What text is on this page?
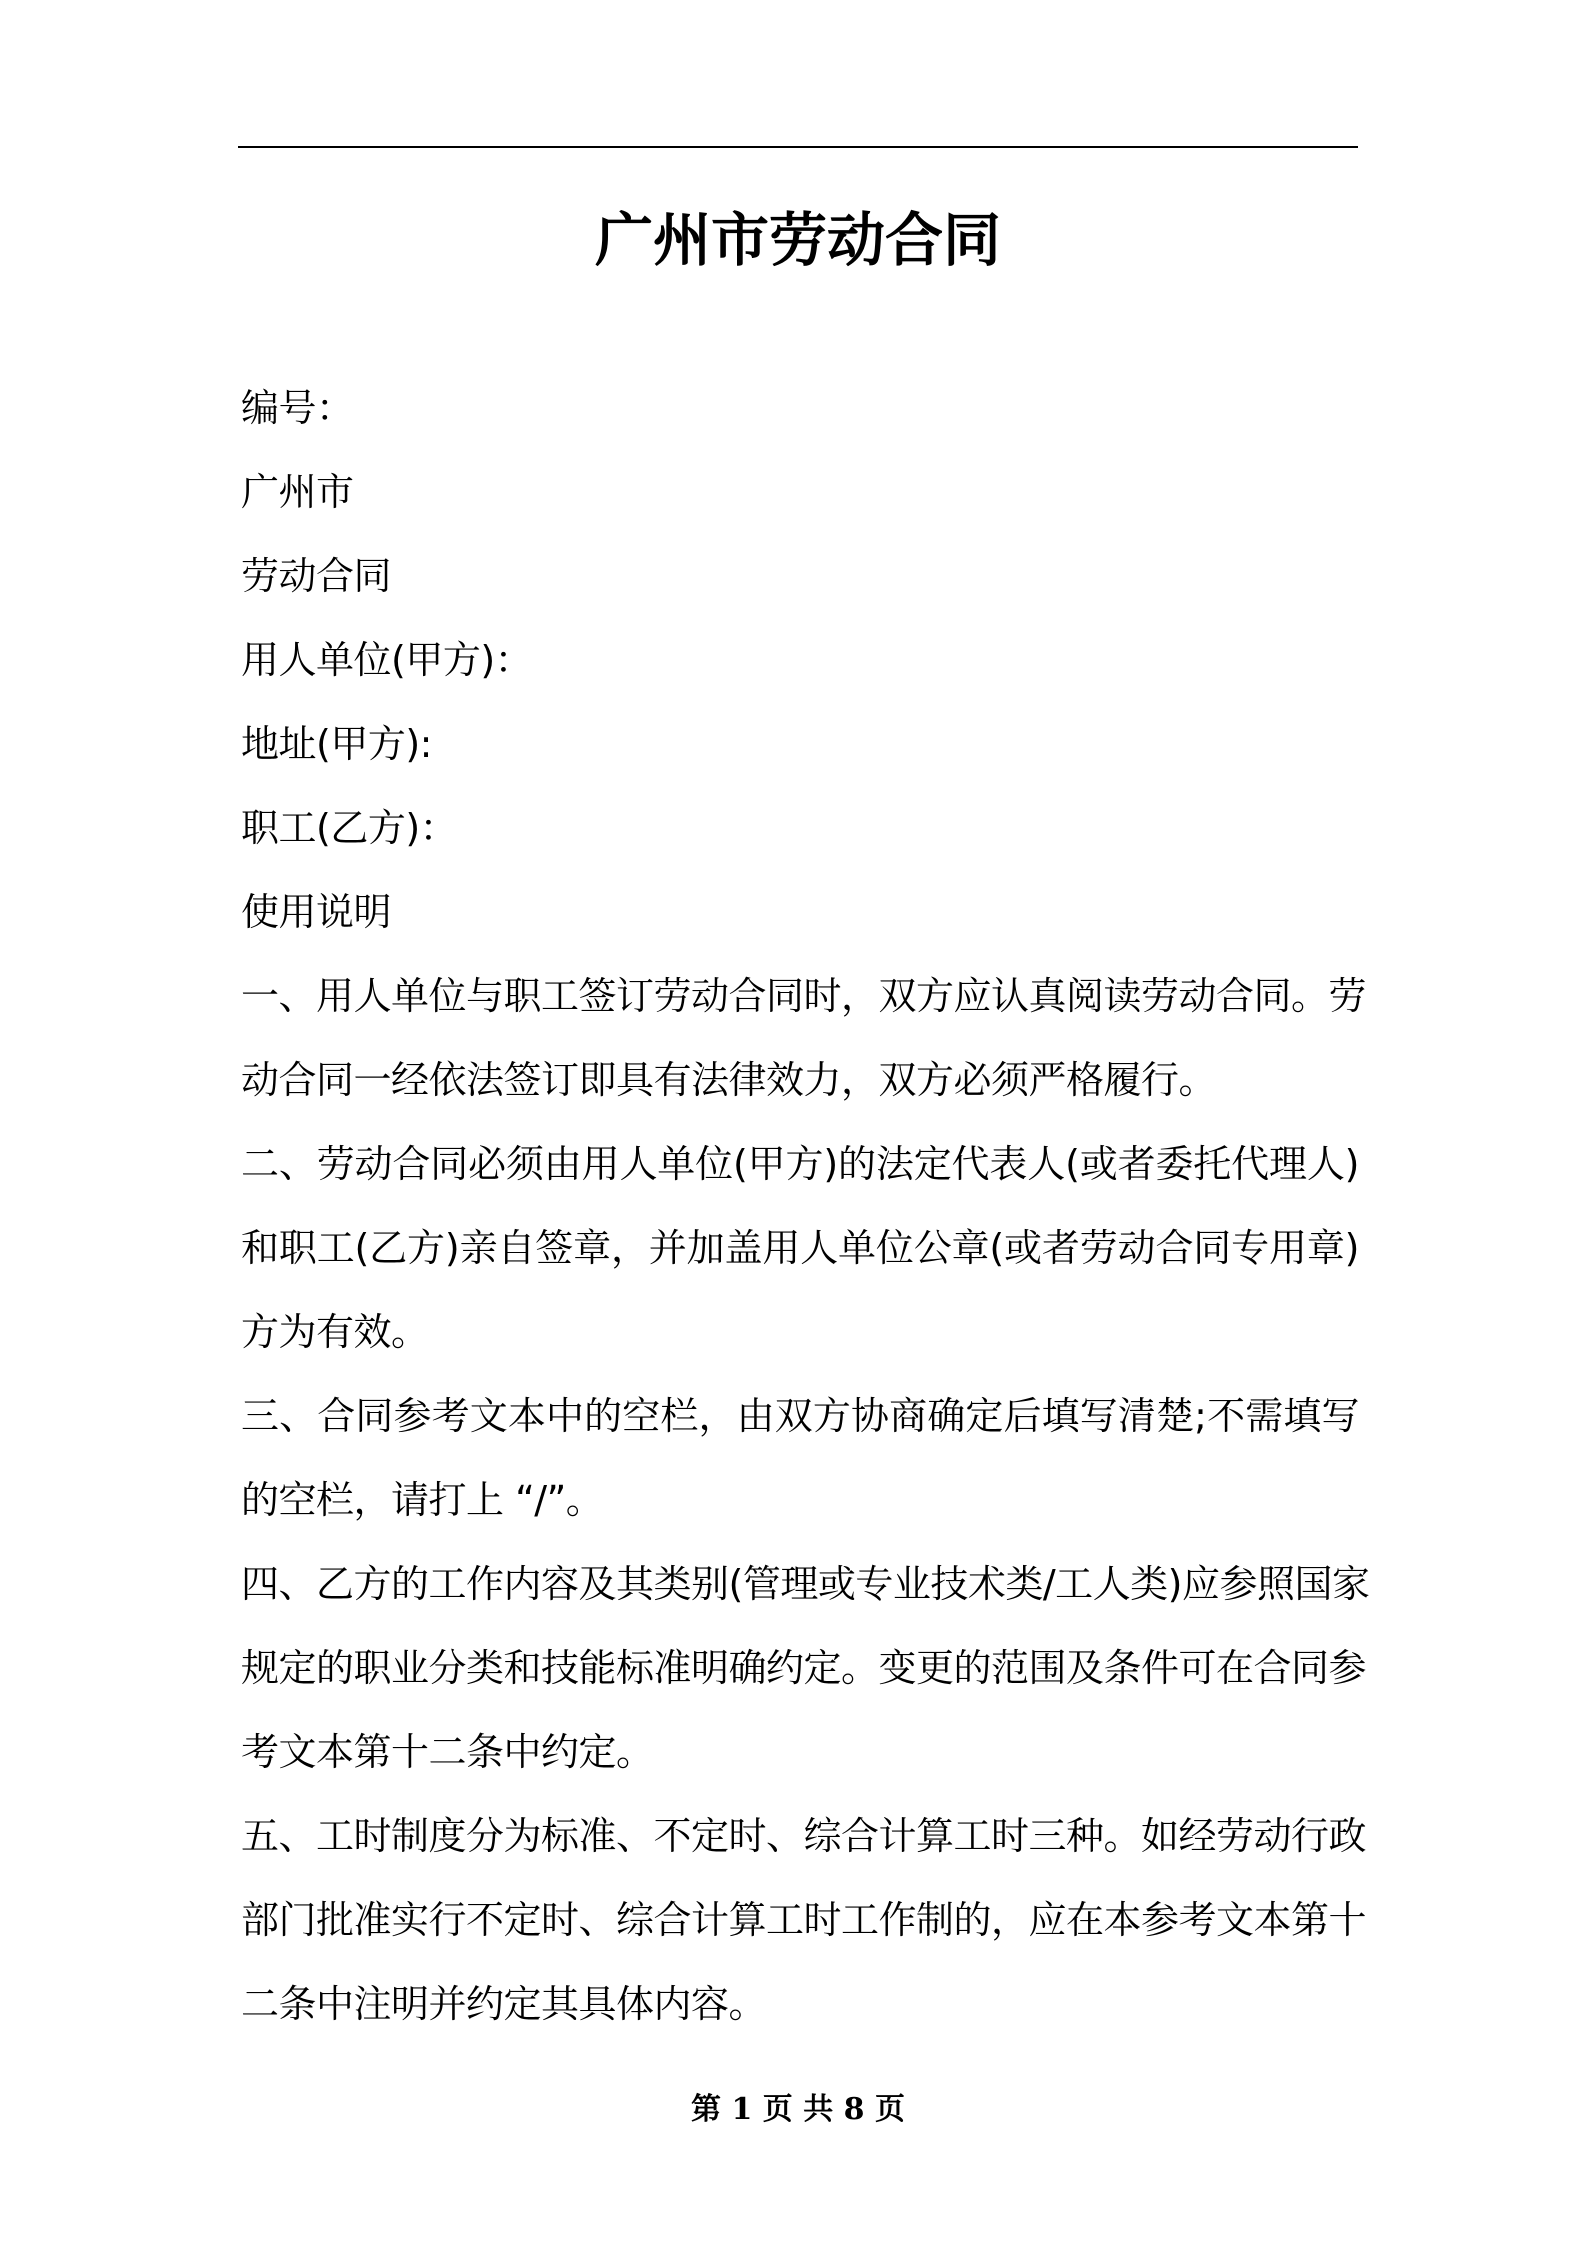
广州市劳动合同
编号：
广州市
劳动合同
用人单位(甲方)：
地址(甲方):
职工(乙方)：
使用说明
一、用人单位与职工签订劳动合同时，双方应认真阅读劳动合同。劳
动合同一经依法签订即具有法律效力，双方必须严格履行。
二、劳动合同必须由用人单位(甲方)的法定代表人(或者委托代理人)
和职工(乙方)亲自签章，并加盖用人单位公章(或者劳动合同专用章)
方为有效。
三、合同参考文本中的空栏，由双方协商确定后填写清楚;不需填写
的空栏，请打上 “/”。
四、乙方的工作内容及其类别(管理或专业技术类/工人类)应参照国家
规定的职业分类和技能标准明确约定。变更的范围及条件可在合同参
考文本第十二条中约定。
五、工时制度分为标准、不定时、综合计算工时三种。如经劳动行政
部门批准实行不定时、综合计算工时工作制的，应在本参考文本第十
二条中注明并约定其具体内容。
第 1 页 共 8 页
